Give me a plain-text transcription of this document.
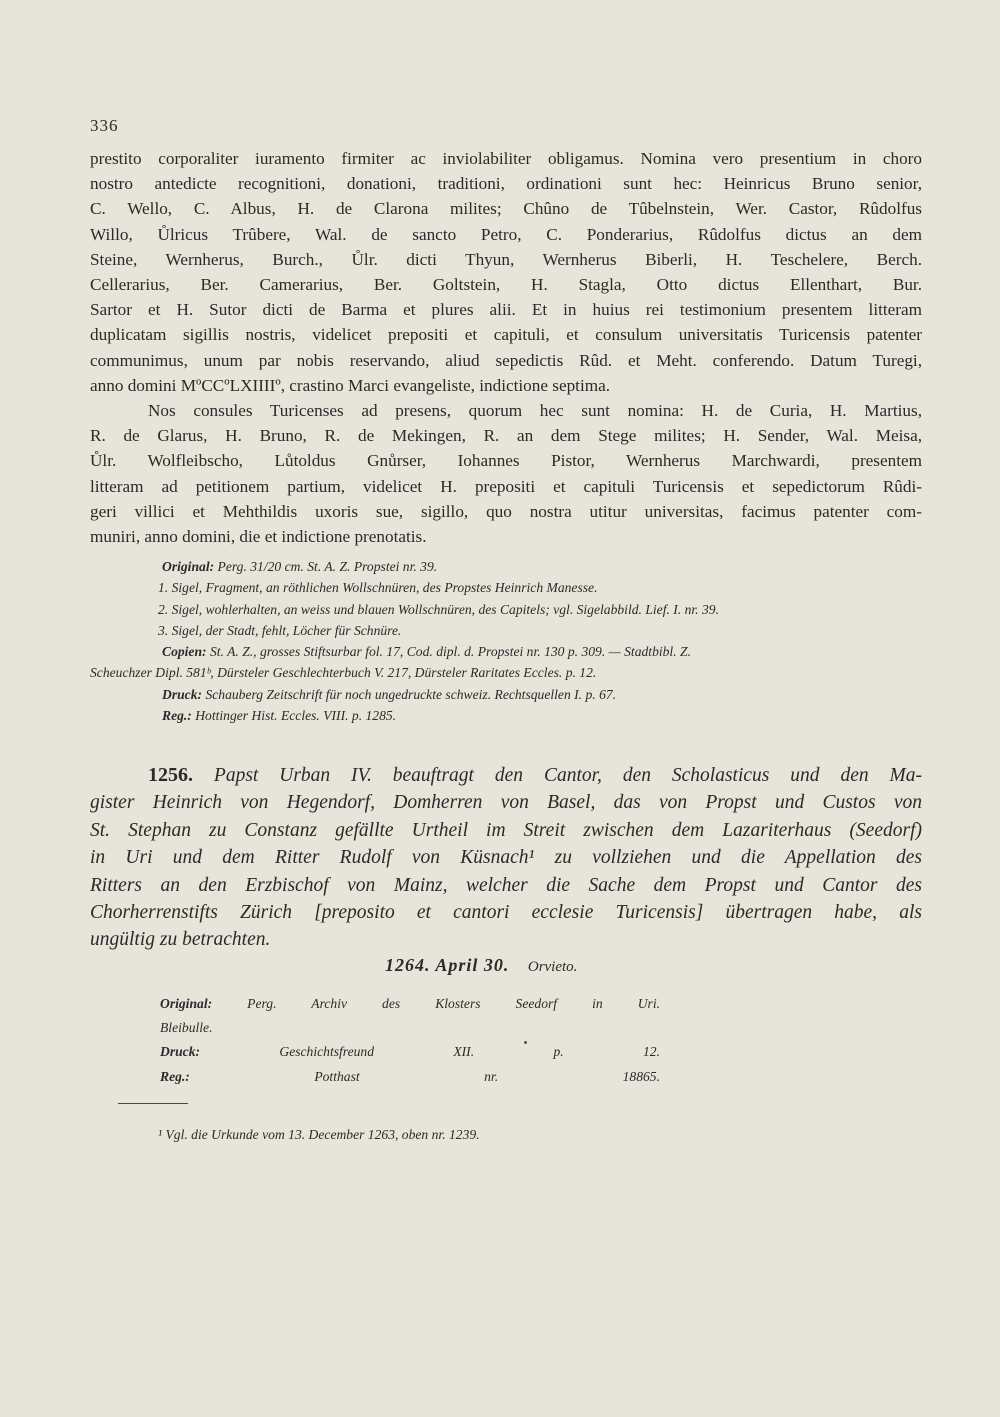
336
prestito corporaliter iuramento firmiter ac inviolabiliter obligamus. Nomina vero presentium in choro
nostro antedicte recognitioni, donationi, traditioni, ordinationi sunt hec: Heinricus Bruno senior,
C. Wello, C. Albus, H. de Clarona milites; Chûno de Tûbelnstein, Wer. Castor, Rûdolfus
Willo, Ůlricus Trûbere, Wal. de sancto Petro, C. Ponderarius, Rûdolfus dictus an dem
Steine, Wernherus, Burch., Ůlr. dicti Thyun, Wernherus Biberli, H. Teschelere, Berch.
Cellerarius, Ber. Camerarius, Ber. Goltstein, H. Stagla, Otto dictus Ellenthart, Bur.
Sartor et H. Sutor dicti de Barma et plures alii. Et in huius rei testimonium presentem litteram
duplicatam sigillis nostris, videlicet prepositi et capituli, et consulum universitatis Turicensis patenter
communimus, unum par nobis reservando, aliud sepedictis Rûd. et Meht. conferendo. Datum Turegi,
anno domini MºCCºLXIIIIº, crastino Marci evangeliste, indictione septima.
Nos consules Turicenses ad presens, quorum hec sunt nomina: H. de Curia, H. Martius,
R. de Glarus, H. Bruno, R. de Mekingen, R. an dem Stege milites; H. Sender, Wal. Meisa,
Ůlr. Wolfleibscho, Lůtoldus Gnůrser, Iohannes Pistor, Wernherus Marchwardi, presentem
litteram ad petitionem partium, videlicet H. prepositi et capituli Turicensis et sepedictorum Rûdi-
geri villici et Mehthildis uxoris sue, sigillo, quo nostra utitur universitas, facimus patenter com-
muniri, anno domini, die et indictione prenotatis.
Original: Perg. 31/20 cm. St. A. Z. Propstei nr. 39.
1. Sigel, Fragment, an röthlichen Wollschnüren, des Propstes Heinrich Manesse.
2. Sigel, wohlerhalten, an weiss und blauen Wollschnüren, des Capitels; vgl. Sigelabbild. Lief. I. nr. 39.
3. Sigel, der Stadt, fehlt, Löcher für Schnüre.
Copien: St. A. Z., grosses Stiftsurbar fol. 17, Cod. dipl. d. Propstei nr. 130 p. 309. — Stadtbibl. Z.
Scheuchzer Dipl. 581ᵇ, Dürsteler Geschlechterbuch V. 217, Dürsteler Raritates Eccles. p. 12.
Druck: Schauberg Zeitschrift für noch ungedruckte schweiz. Rechtsquellen I. p. 67.
Reg.: Hottinger Hist. Eccles. VIII. p. 1285.
1256. Papst Urban IV. beauftragt den Cantor, den Scholasticus und den Ma-
gister Heinrich von Hegendorf, Domherren von Basel, das von Propst und Custos von
St. Stephan zu Constanz gefällte Urtheil im Streit zwischen dem Lazariterhaus (Seedorf)
in Uri und dem Ritter Rudolf von Küsnach¹ zu vollziehen und die Appellation des
Ritters an den Erzbischof von Mainz, welcher die Sache dem Propst und Cantor des
Chorherrenstifts Zürich [preposito et cantori ecclesie Turicensis] übertragen habe, als
ungültig zu betrachten.
1264. April 30. Orvieto.
Original:	Perg. Archiv des Klosters Seedorf in Uri.
Bleibulle.
Druck:	Geschichtsfreund XII. p. 12.
Reg.:	Potthast nr. 18865.
¹ Vgl. die Urkunde vom 13. December 1263, oben nr. 1239.
